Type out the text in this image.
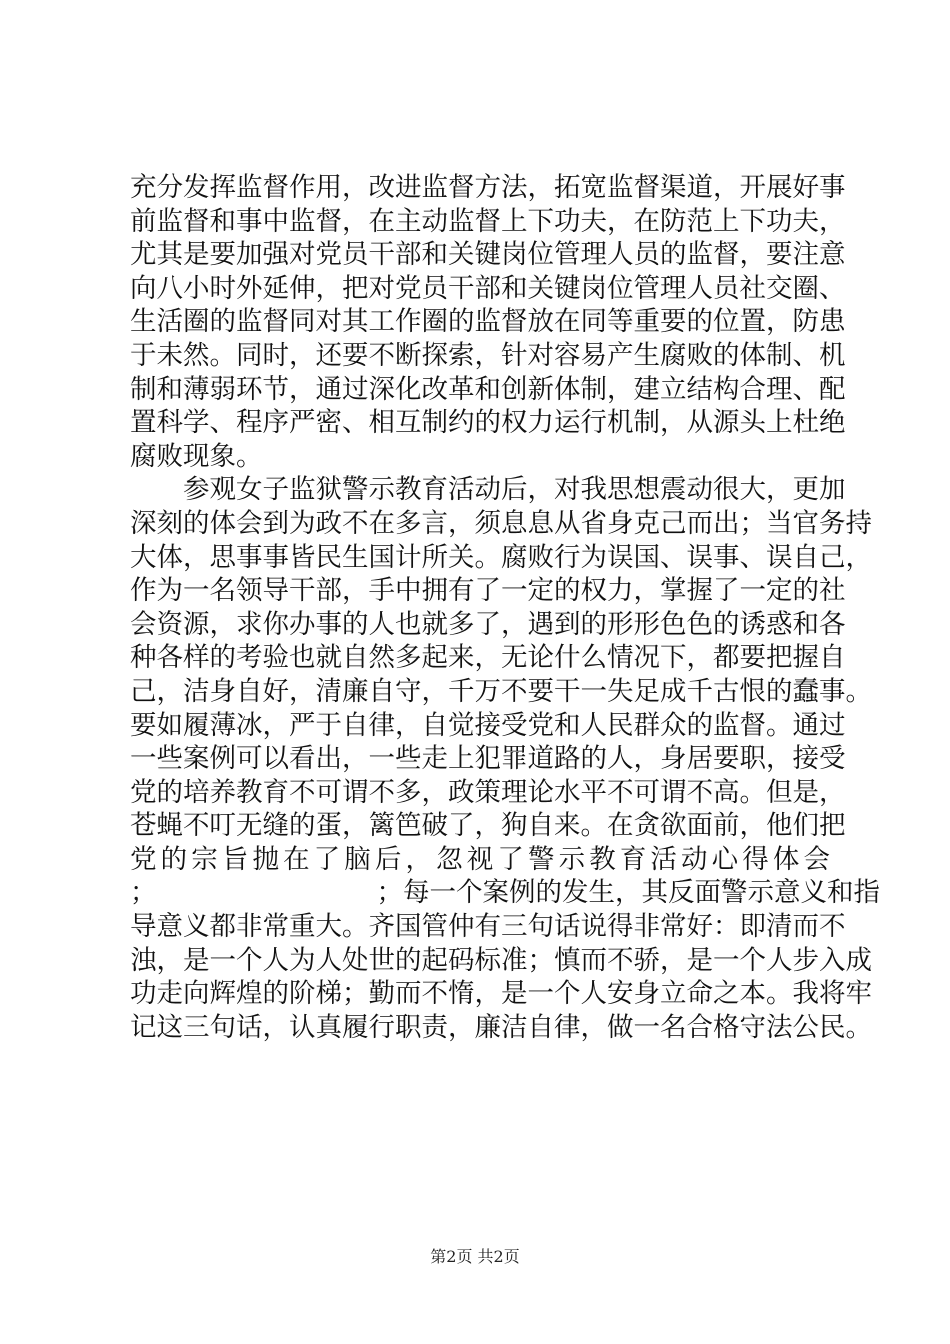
充分发挥监督作用，改进监督方法，拓宽监督渠道，开展好事
前监督和事中监督，在主动监督上下功夫，在防范上下功夫，
尤其是要加强对党员干部和关键岗位管理人员的监督，要注意
向八小时外延伸，把对党员干部和关键岗位管理人员社交圈、
生活圈的监督同对其工作圈的监督放在同等重要的位置，防患
于未然。同时，还要不断探索，针对容易产生腐败的体制、机
制和薄弱环节，通过深化改革和创新体制，建立结构合理、配
置科学、程序严密、相互制约的权力运行机制，从源头上杜绝
腐败现象。
参观女子监狱警示教育活动后，对我思想震动很大，更加
深刻的体会到为政不在多言，须息息从省身克己而出；当官务持
大体，思事事皆民生国计所关。腐败行为误国、误事、误自己，
作为一名领导干部，手中拥有了一定的权力，掌握了一定的社
会资源，求你办事的人也就多了，遇到的形形色色的诱惑和各
种各样的考验也就自然多起来，无论什么情况下，都要把握自
己，洁身自好，清廉自守，千万不要干一失足成千古恨的蠢事。
要如履薄冰，严于自律，自觉接受党和人民群众的监督。通过
一些案例可以看出，一些走上犯罪道路的人，身居要职，接受
党的培养教育不可谓不多，政策理论水平不可谓不高。但是，
苍蝇不叮无缝的蛋，篱笆破了，狗自来。在贪欲面前，他们把
党的宗旨抛在了脑后，忽视了警示教育活动心得体会
；	；每一个案例的发生，其反面警示意义和指
导意义都非常重大。齐国管仲有三句话说得非常好：即清而不
浊，是一个人为人处世的起码标准；慎而不骄，是一个人步入成
功走向辉煌的阶梯；勤而不惰，是一个人安身立命之本。我将牢
记这三句话，认真履行职责，廉洁自律，做一名合格守法公民。
第2页 共2页
